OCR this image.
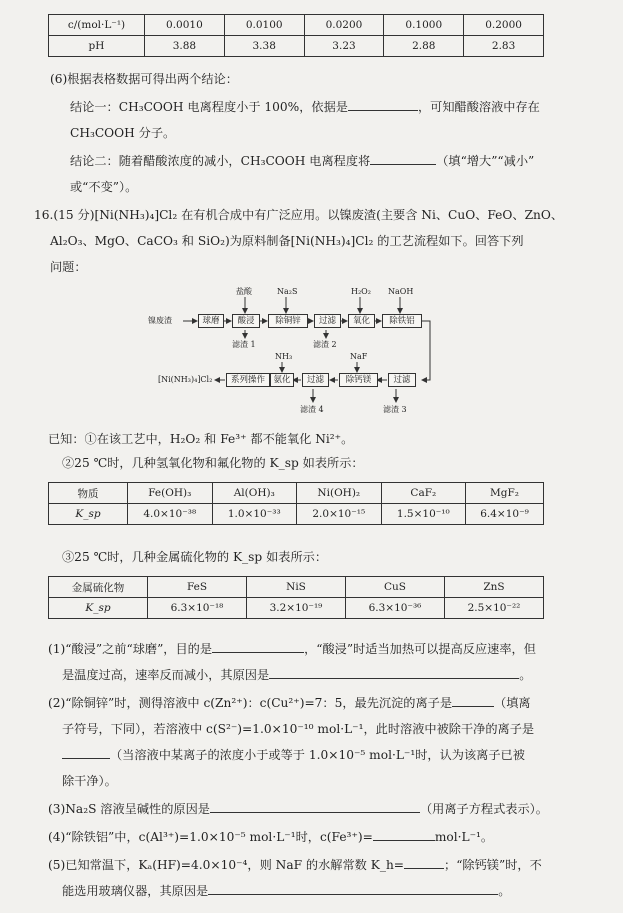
c/(mol·L⁻¹)	0.0010	0.0100	0.0200	0.1000	0.2000
pH	3.88	3.38	3.23	2.88	2.83
(6)根据表格数据可得出两个结论：
结论一：CH₃COOH 电离程度小于 100%，依据是	，可知醋酸溶液中存在
CH₃COOH 分子。
结论二：随着醋酸浓度的减小，CH₃COOH 电离程度将	（填“增大”“减小”
或“不变”）。
16.(15 分)[Ni(NH₃)₄]Cl₂ 在有机合成中有广泛应用。以镍废渣(主要含 Ni、CuO、FeO、ZnO、
Al₂O₃、MgO、CaCO₃ 和 SiO₂)为原料制备[Ni(NH₃)₄]Cl₂ 的工艺流程如下。回答下列
问题：
镍废渣	球磨	酸浸	除铜锌	过滤	氧化	除铁铝
盐酸	Na₂S	H₂O₂ NaOH
滤渣 1	滤渣 2
[Ni(NH₃)₄]Cl₂	系列操作 氨化	过滤	除钙镁	过滤
NH₃	NaF
滤渣 3
滤渣 4
已知：①在该工艺中，H₂O₂ 和 Fe³⁺ 都不能氧化 Ni²⁺。
②25 ℃时，几种氢氧化物和氟化物的 K_sp 如表所示：
物质	Fe(OH)₃	Al(OH)₃	Ni(OH)₂	CaF₂	MgF₂
K_sp	4.0×10⁻³⁸	1.0×10⁻³³	2.0×10⁻¹⁵	1.5×10⁻¹⁰	6.4×10⁻⁹
③25 ℃时，几种金属硫化物的 K_sp 如表所示：
金属硫化物	FeS	NiS	CuS	ZnS
K_sp	6.3×10⁻¹⁸	3.2×10⁻¹⁹	6.3×10⁻³⁶	2.5×10⁻²²
(1)“酸浸”之前“球磨”，目的是	，“酸浸”时适当加热可以提高反应速率，但
是温度过高，速率反而减小，其原因是	。
(2)“除铜锌”时，测得溶液中 c(Zn²⁺)：c(Cu²⁺)=7：5，最先沉淀的离子是	（填离
子符号，下同），若溶液中 c(S²⁻)=1.0×10⁻¹⁰ mol·L⁻¹，此时溶液中被除干净的离子是
（当溶液中某离子的浓度小于或等于 1.0×10⁻⁵ mol·L⁻¹时，认为该离子已被
除干净）。
(3)Na₂S 溶液呈碱性的原因是	（用离子方程式表示）。
(4)“除铁铝”中，c(Al³⁺)=1.0×10⁻⁵ mol·L⁻¹时，c(Fe³⁺)=	mol·L⁻¹。
(5)已知常温下，Kₐ(HF)=4.0×10⁻⁴，则 NaF 的水解常数 K_h=	；“除钙镁”时，不
能选用玻璃仪器，其原因是	。
